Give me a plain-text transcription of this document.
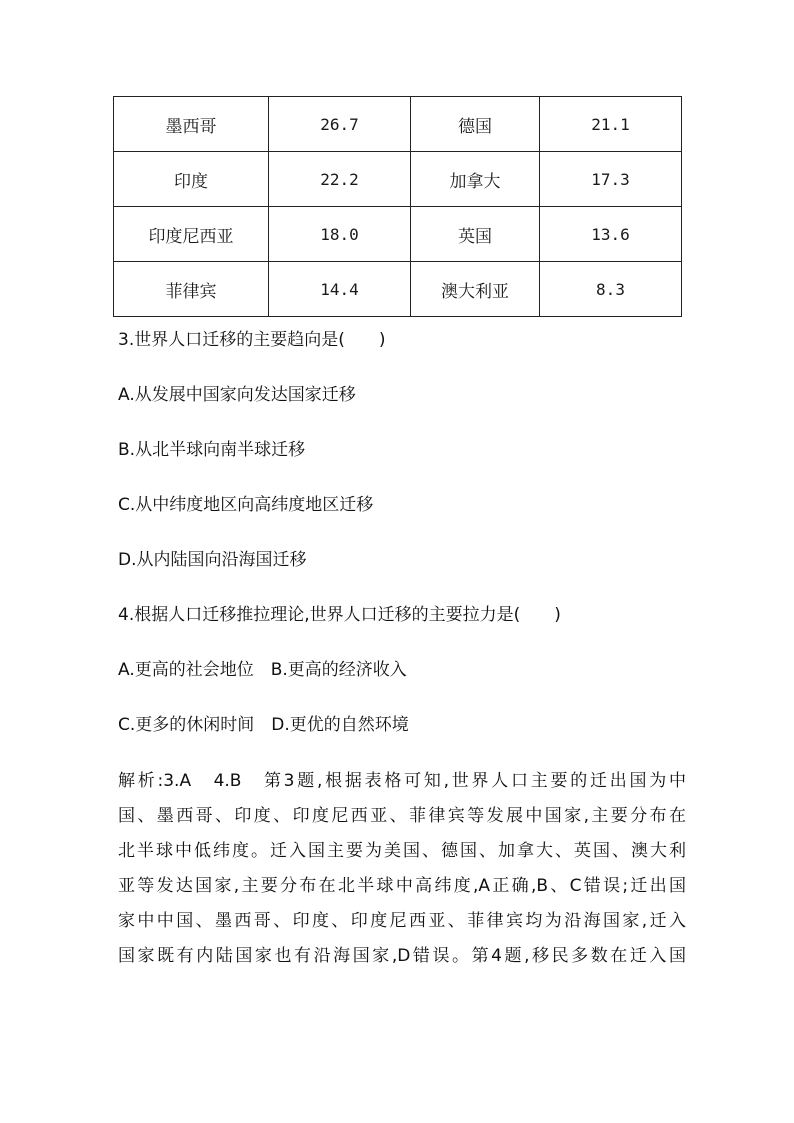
墨西哥	26.7	德国	21.1
印度	22.2	加拿大	17.3
印度尼西亚	18.0	英国	13.6
菲律宾	14.4	澳大利亚	8.3

3.世界人口迁移的主要趋向是(　　)

A.从发展中国家向发达国家迁移

B.从北半球向南半球迁移

C.从中纬度地区向高纬度地区迁移

D.从内陆国向沿海国迁移

4.根据人口迁移推拉理论,世界人口迁移的主要拉力是(　　)

A.更高的社会地位　B.更高的经济收入

C.更多的休闲时间　D.更优的自然环境

解析:3.A　4.B　第3题,根据表格可知,世界人口主要的迁出国为中
国、墨西哥、印度、印度尼西亚、菲律宾等发展中国家,主要分布在
北半球中低纬度。迁入国主要为美国、德国、加拿大、英国、澳大利
亚等发达国家,主要分布在北半球中高纬度,A正确,B、C错误;迁出国
家中中国、墨西哥、印度、印度尼西亚、菲律宾均为沿海国家,迁入
国家既有内陆国家也有沿海国家,D错误。第4题,移民多数在迁入国
